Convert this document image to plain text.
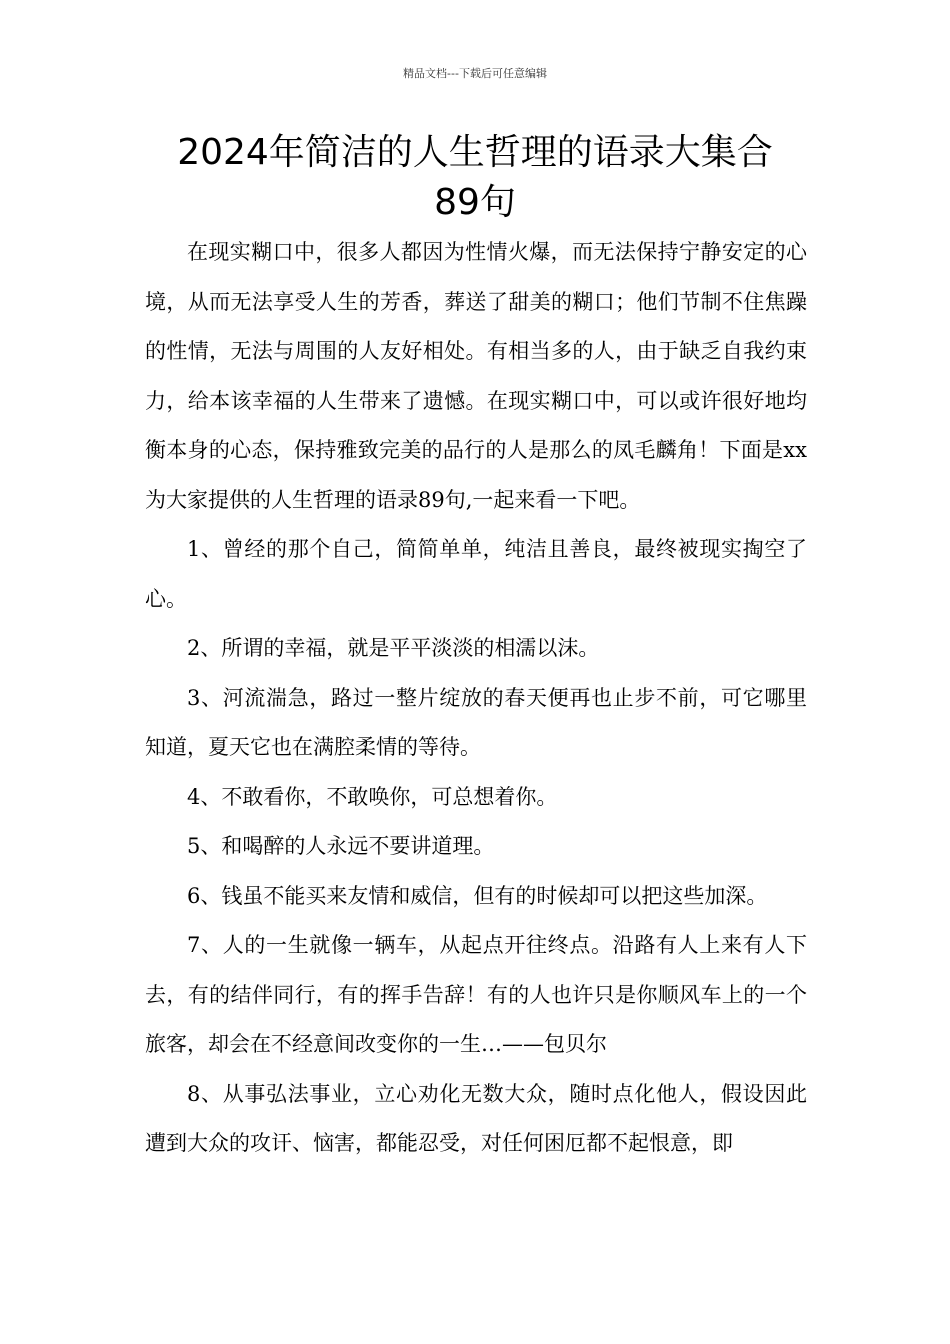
精品文档---下载后可任意编辑
2024年简洁的人生哲理的语录大集合
89句

在现实糊口中，很多人都因为性情火爆，而无法保持宁静安定的心境，从而无法享受人生的芳香，葬送了甜美的糊口；他们节制不住焦躁的性情，无法与周围的人友好相处。有相当多的人，由于缺乏自我约束力，给本该幸福的人生带来了遗憾。在现实糊口中，可以或许很好地均衡本身的心态，保持雅致完美的品行的人是那么的凤毛麟角！下面是xx为大家提供的人生哲理的语录89句,一起来看一下吧。

1、曾经的那个自己，简简单单，纯洁且善良，最终被现实掏空了心。

2、所谓的幸福，就是平平淡淡的相濡以沫。

3、河流湍急，路过一整片绽放的春天便再也止步不前，可它哪里知道，夏天它也在满腔柔情的等待。

4、不敢看你，不敢唤你，可总想着你。

5、和喝醉的人永远不要讲道理。

6、钱虽不能买来友情和威信，但有的时候却可以把这些加深。

7、人的一生就像一辆车，从起点开往终点。沿路有人上来有人下去，有的结伴同行，有的挥手告辞！有的人也许只是你顺风车上的一个旅客，却会在不经意间改变你的一生…——包贝尔

8、从事弘法事业，立心劝化无数大众，随时点化他人，假设因此遭到大众的攻讦、恼害，都能忍受，对任何困厄都不起恨意，即
